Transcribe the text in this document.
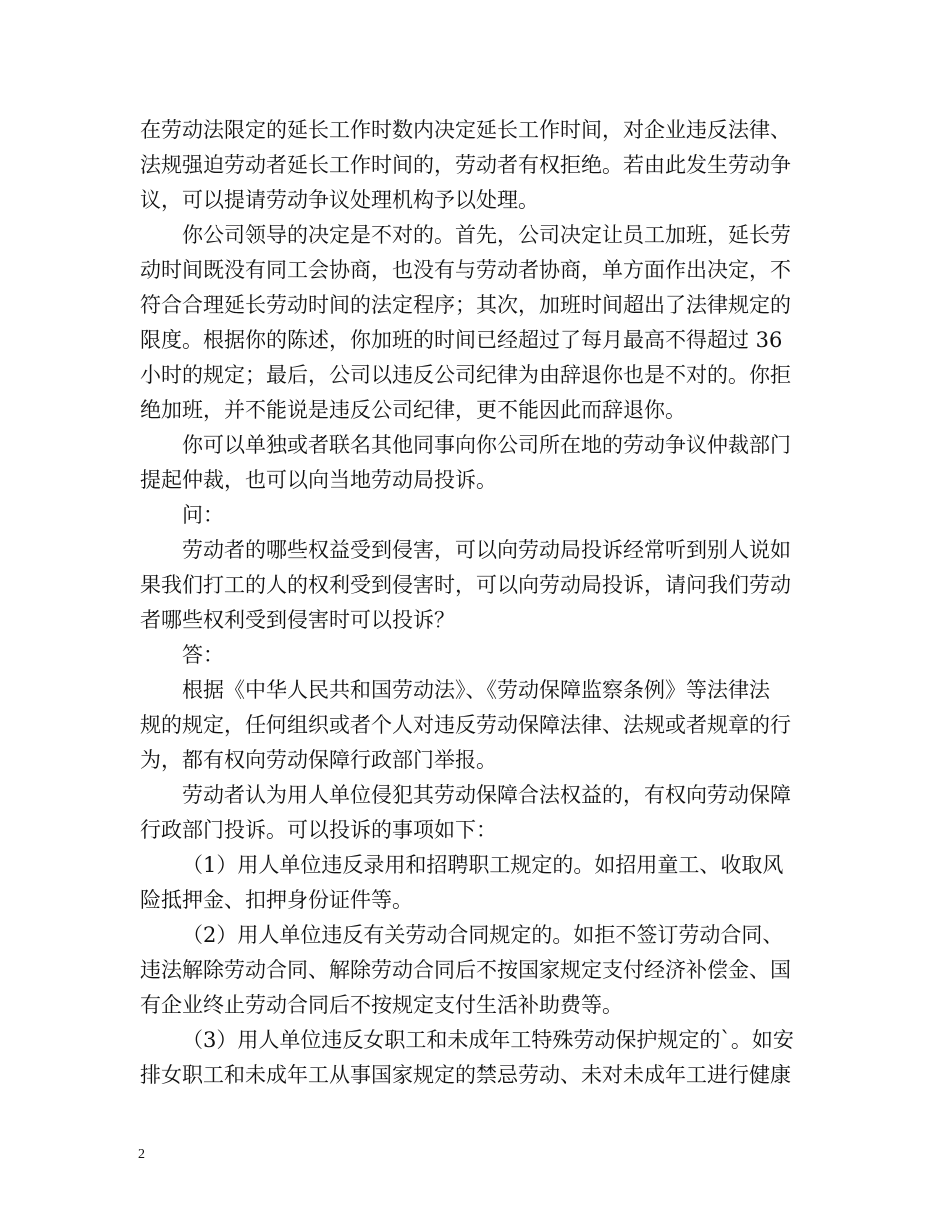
在劳动法限定的延长工作时数内决定延长工作时间，对企业违反法律、
法规强迫劳动者延长工作时间的，劳动者有权拒绝。若由此发生劳动争
议，可以提请劳动争议处理机构予以处理。
你公司领导的决定是不对的。首先，公司决定让员工加班，延长劳
动时间既没有同工会协商，也没有与劳动者协商，单方面作出决定，不
符合合理延长劳动时间的法定程序；其次，加班时间超出了法律规定的
限度。根据你的陈述，你加班的时间已经超过了每月最高不得超过 36
小时的规定；最后，公司以违反公司纪律为由辞退你也是不对的。你拒
绝加班，并不能说是违反公司纪律，更不能因此而辞退你。
你可以单独或者联名其他同事向你公司所在地的劳动争议仲裁部门
提起仲裁，也可以向当地劳动局投诉。
问：
劳动者的哪些权益受到侵害，可以向劳动局投诉经常听到别人说如
果我们打工的人的权利受到侵害时，可以向劳动局投诉，请问我们劳动
者哪些权利受到侵害时可以投诉？
答：
根据《中华人民共和国劳动法》、《劳动保障监察条例》等法律法
规的规定，任何组织或者个人对违反劳动保障法律、法规或者规章的行
为，都有权向劳动保障行政部门举报。
劳动者认为用人单位侵犯其劳动保障合法权益的，有权向劳动保障
行政部门投诉。可以投诉的事项如下：
（1）用人单位违反录用和招聘职工规定的。如招用童工、收取风
险抵押金、扣押身份证件等。
（2）用人单位违反有关劳动合同规定的。如拒不签订劳动合同、
违法解除劳动合同、解除劳动合同后不按国家规定支付经济补偿金、国
有企业终止劳动合同后不按规定支付生活补助费等。
（3）用人单位违反女职工和未成年工特殊劳动保护规定的`。如安
排女职工和未成年工从事国家规定的禁忌劳动、未对未成年工进行健康
2
